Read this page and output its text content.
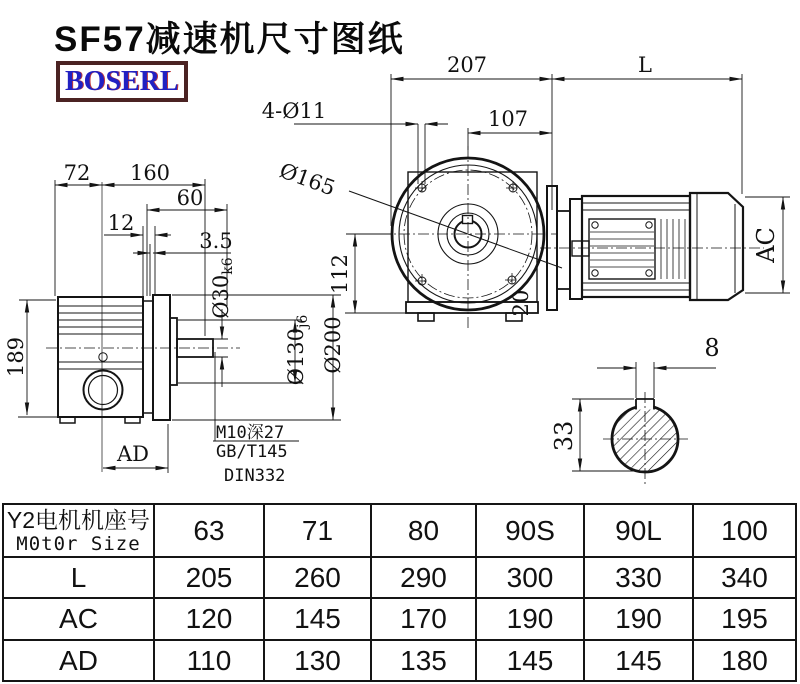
SF57减速机尺寸图纸
BOSERL
72 160
60
12
3.5
189
AD
Ø30k6
Ø130j6 Ø200
M10深27
GB/T145
DIN332
207	L
107
4-Ø11
Ø165
112
20
AC
8
33
Y2电机机座号
M0t0r Size	63	71	80	90S	90L	100
L	205	260	290	300	330	340
AC	120	145	170	190	190	195
AD	110	130	135	145	145	180
